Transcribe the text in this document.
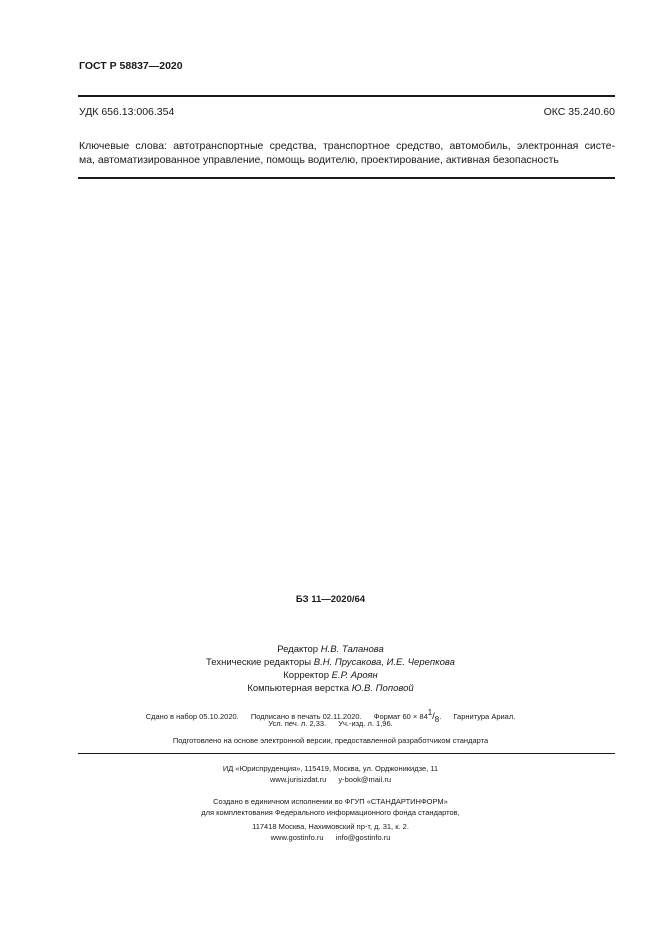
ГОСТ Р 58837—2020
УДК 656.13:006.354	ОКС 35.240.60
Ключевые слова: автотранспортные средства, транспортное средство, автомобиль, электронная систе-
ма, автоматизированное управление, помощь водителю, проектирование, активная безопасность
БЗ 11—2020/64
Редактор Н.В. Таланова
Технические редакторы В.Н. Прусакова, И.Е. Черепкова
Корректор Е.Р. Ароян
Компьютерная верстка Ю.В. Поповой
Сдано в набор 05.10.2020. Подписано в печать 02.11.2020. Формат $60 \times 84^1/_8$. Гарнитура Ариал.
Усл. печ. л. 2,33. Уч.-изд. л. 1,96.
Подготовлено на основе электронной версии, предоставленной разработчиком стандарта
ИД «Юриспруденция», 115419, Москва, ул. Орджоникидзе, 11
www.jurisizdat.ru y-book@mail.ru
Создано в единичном исполнении во ФГУП «СТАНДАРТИНФОРМ»
для комплектования Федерального информационного фонда стандартов,
117418 Москва, Нахимовский пр-т, д. 31, к. 2.
www.gostinfo.ru info@gostinfo.ru
